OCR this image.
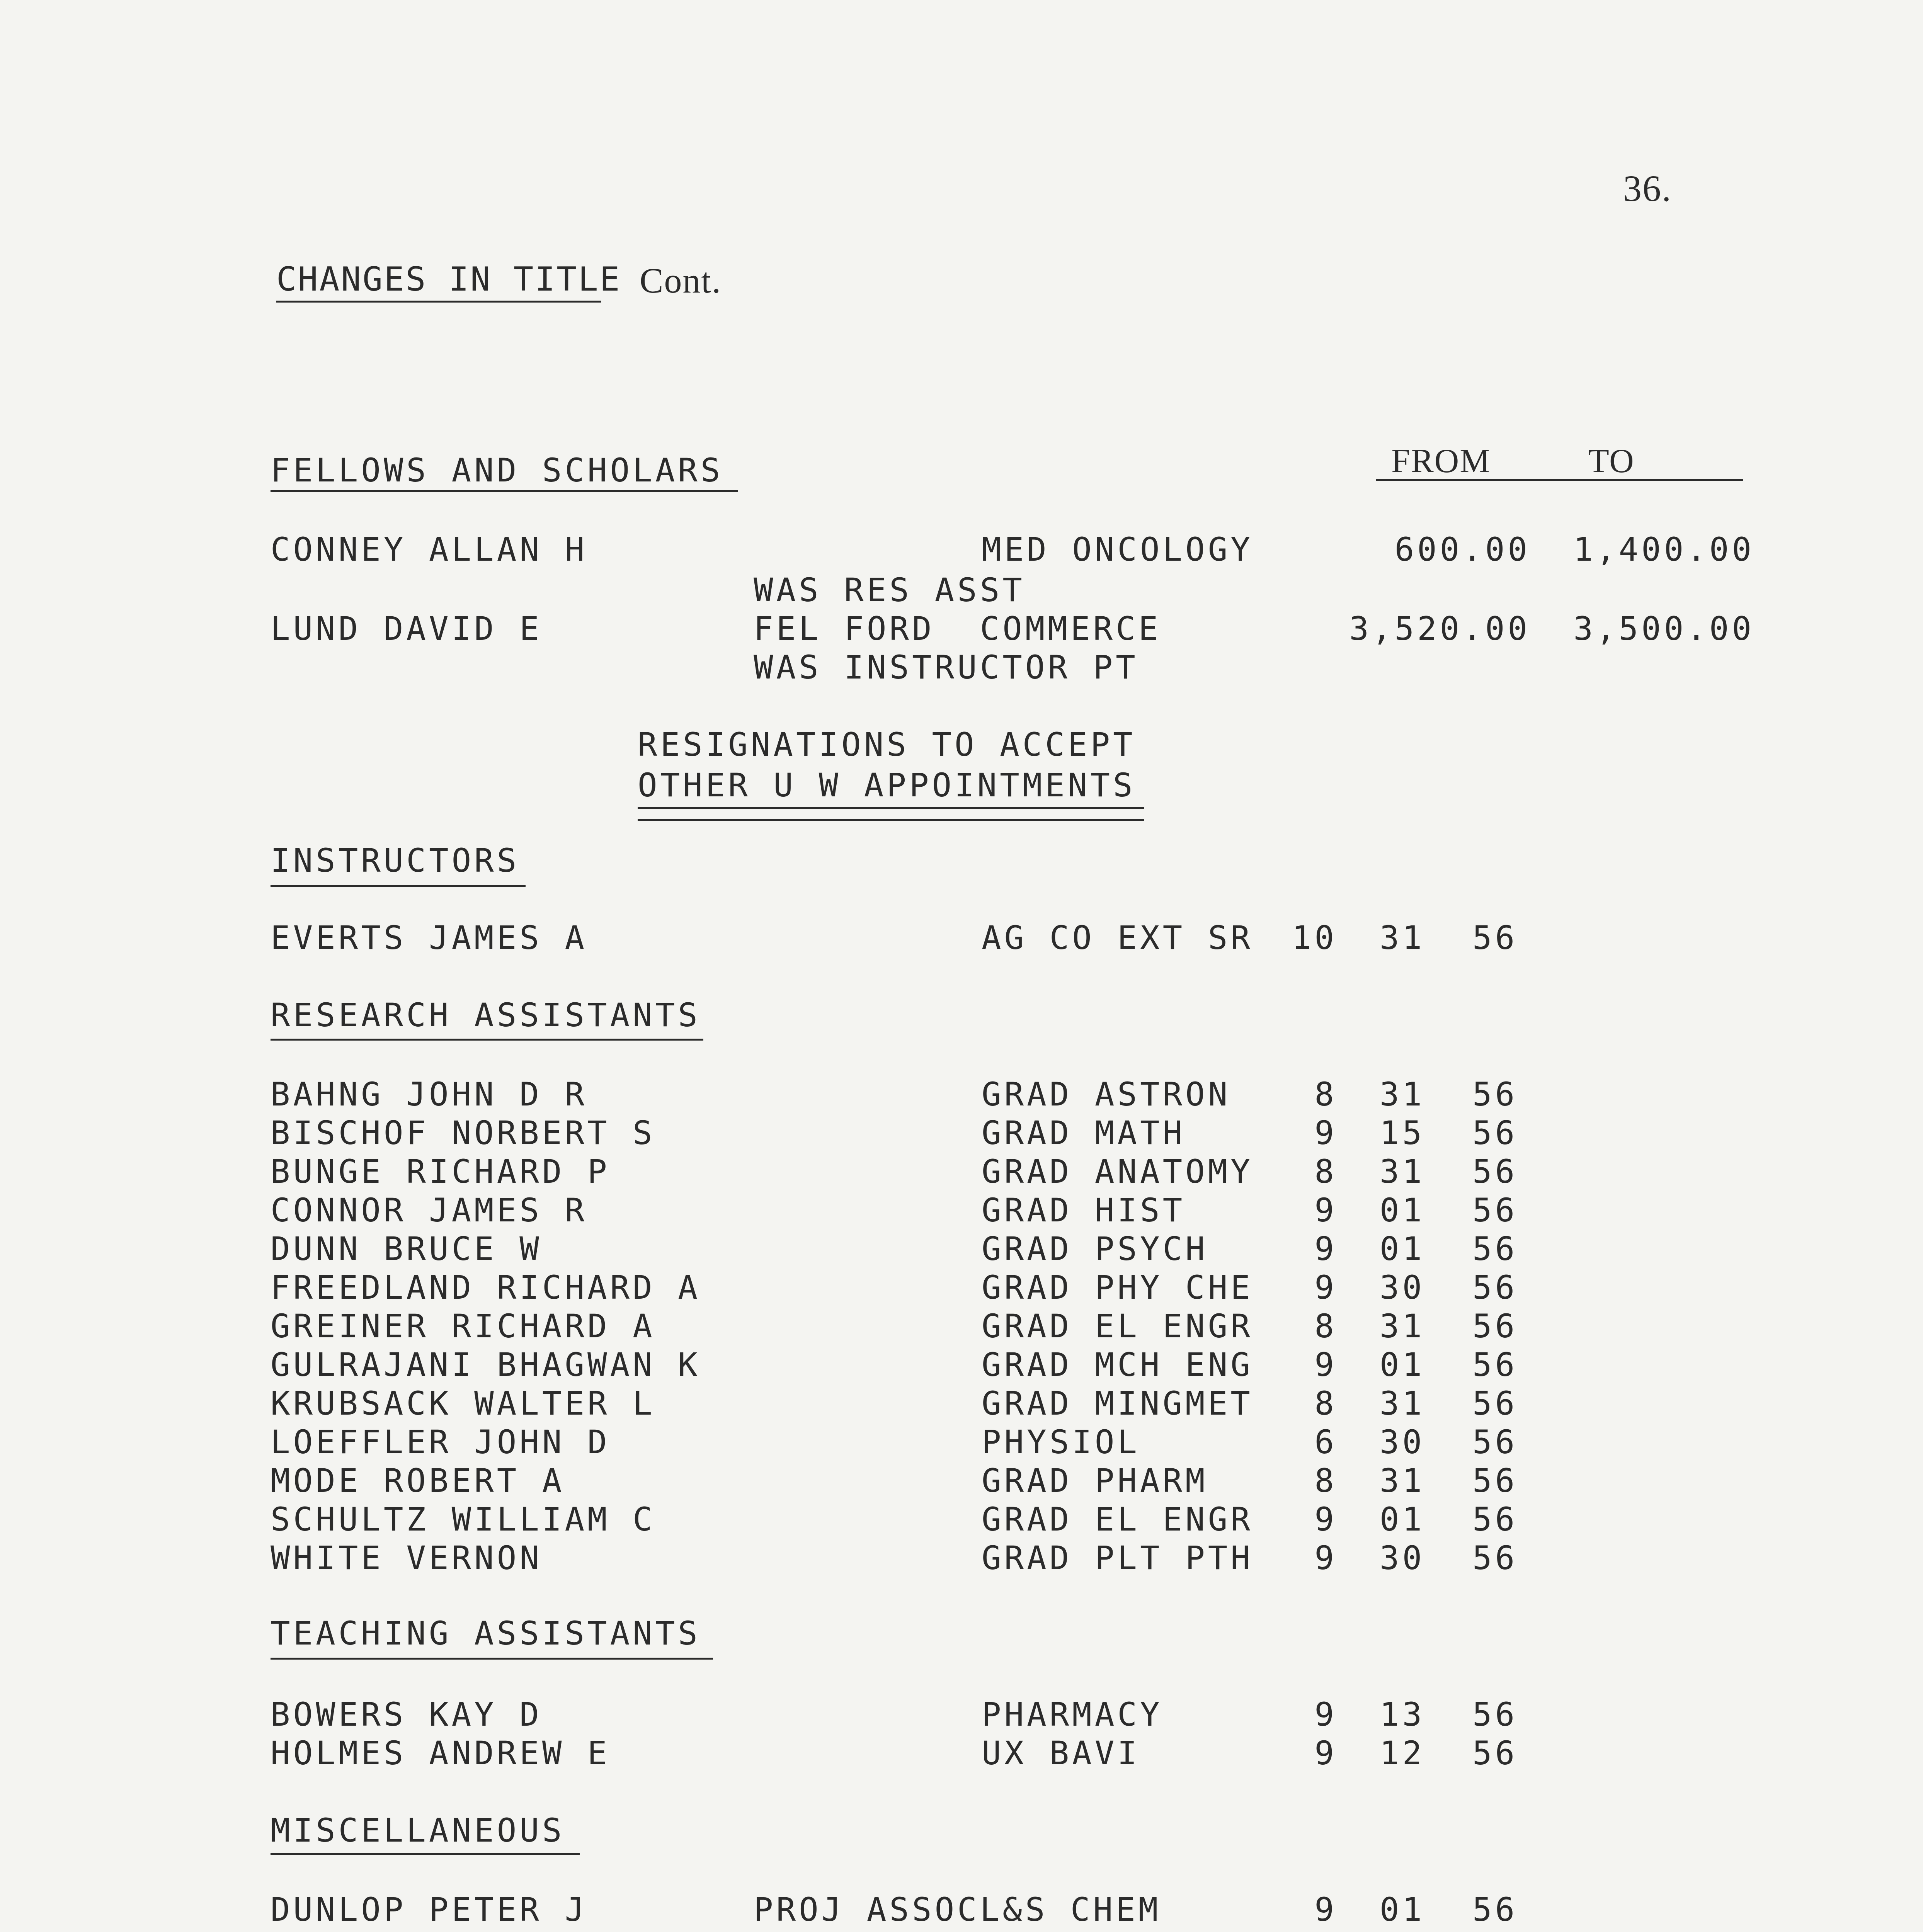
36.
CHANGES IN TITLE Cont.
FELLOWS AND SCHOLARS	FROM	TO
CONNEY ALLAN H	MED ONCOLOGY	600.00	1,400.00
WAS RES ASST
LUND DAVID E	FEL FORD  COMMERCE	3,520.00	3,500.00
WAS INSTRUCTOR PT
RESIGNATIONS TO ACCEPT
OTHER U W APPOINTMENTS
INSTRUCTORS
EVERTS JAMES A	AG CO EXT SR	10 31 56
RESEARCH ASSISTANTS
BAHNG JOHN D R	GRAD ASTRON	8 31 56
BISCHOF NORBERT S	GRAD MATH	9 15 56
BUNGE RICHARD P	GRAD ANATOMY	8 31 56
CONNOR JAMES R	GRAD HIST	9 01 56
DUNN BRUCE W	GRAD PSYCH	9 01 56
FREEDLAND RICHARD A	GRAD PHY CHE	9 30 56
GREINER RICHARD A	GRAD EL ENGR	8 31 56
GULRAJANI BHAGWAN K	GRAD MCH ENG	9 01 56
KRUBSACK WALTER L	GRAD MINGMET	8 31 56
LOEFFLER JOHN D	PHYSIOL	6 30 56
MODE ROBERT A	GRAD PHARM	8 31 56
SCHULTZ WILLIAM C	GRAD EL ENGR	9 01 56
WHITE VERNON	GRAD PLT PTH	9 30 56
TEACHING ASSISTANTS
BOWERS KAY D	PHARMACY	9 13 56
HOLMES ANDREW E	UX BAVI	9 12 56
MISCELLANEOUS
DUNLOP PETER J	PROJ ASSOCL&S CHEM	9 01 56
